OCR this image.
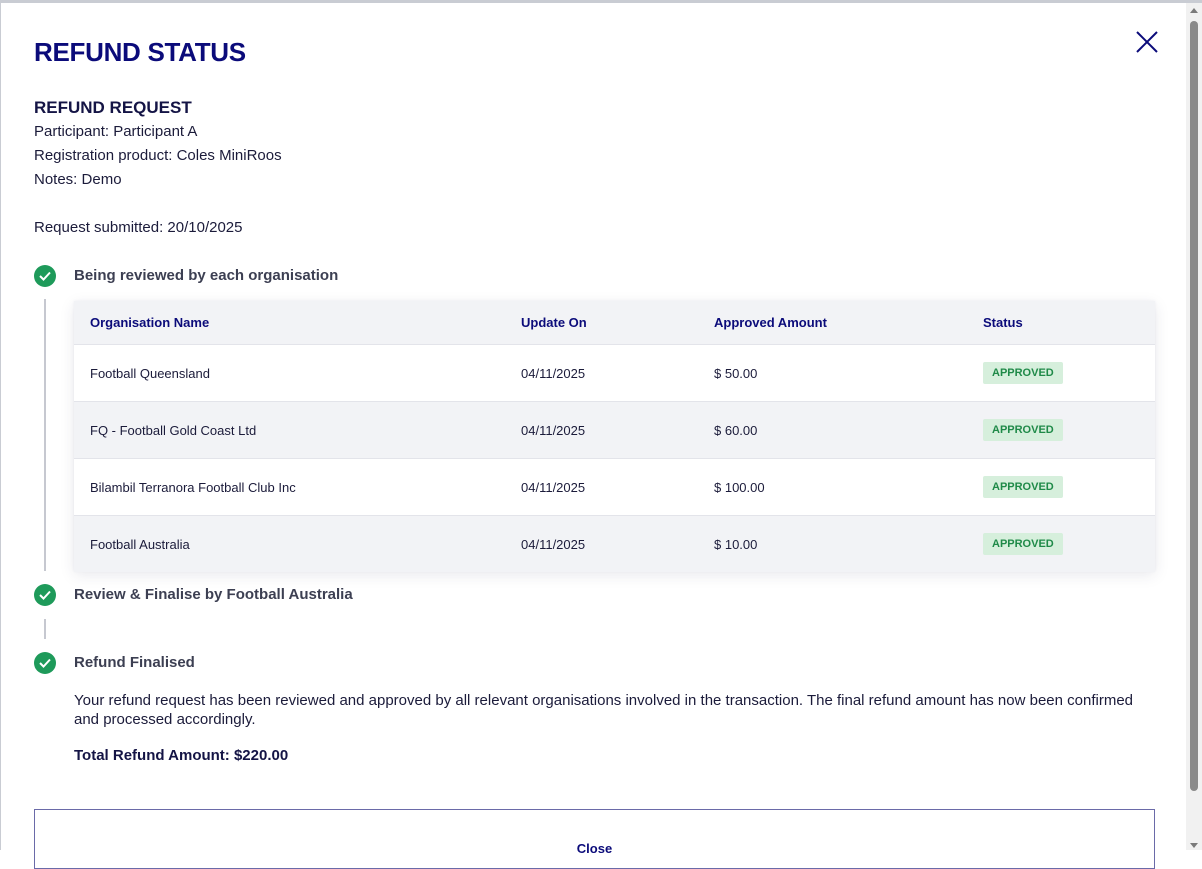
REFUND STATUS
REFUND REQUEST
Participant: Participant A
Registration product: Coles MiniRoos
Notes: Demo
Request submitted: 20/10/2025
Being reviewed by each organisation
Organisation Name	Update On	Approved Amount	Status
Football Queensland	04/11/2025	$ 50.00	APPROVED
FQ - Football Gold Coast Ltd	04/11/2025	$ 60.00	APPROVED
Bilambil Terranora Football Club Inc	04/11/2025	$ 100.00	APPROVED
Football Australia	04/11/2025	$ 10.00	APPROVED
Review & Finalise by Football Australia
Refund Finalised
Your refund request has been reviewed and approved by all relevant organisations involved in the transaction. The final refund amount has now been confirmed and processed accordingly.
Total Refund Amount: $220.00
Close
